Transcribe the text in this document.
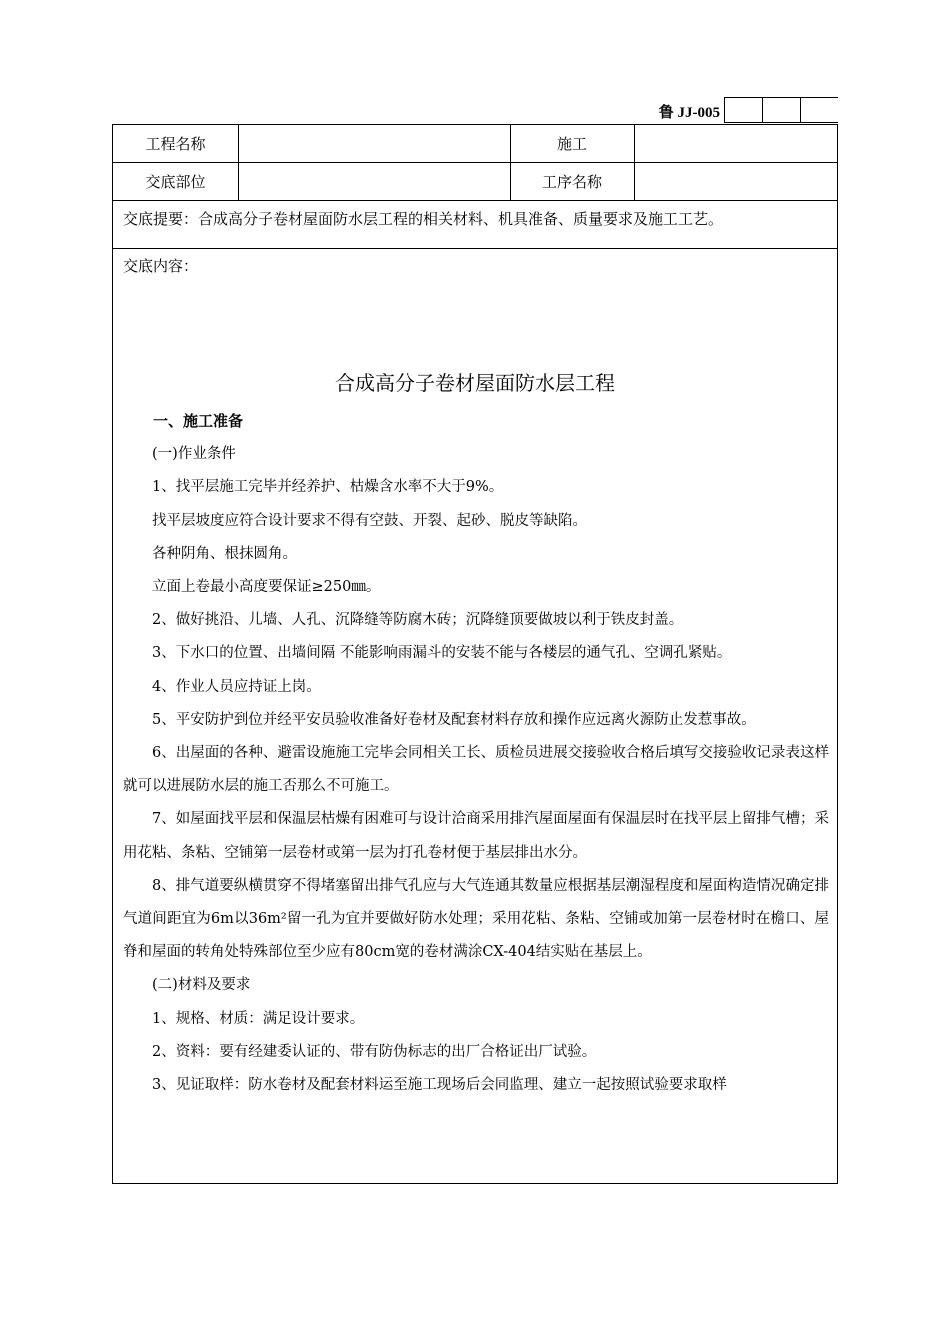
鲁 JJ-005
工程名称	施工
交底部位	工序名称
交底提要：合成高分子卷材屋面防水层工程的相关材料、机具准备、质量要求及施工工艺。
交底内容：
合成高分子卷材屋面防水层工程

一、施工准备

(一)作业条件

1、找平层施工完毕并经养护、枯燥含水率不大于9%。

找平层坡度应符合设计要求不得有空鼓、开裂、起砂、脱皮等缺陷。

各种阴角、根抹圆角。

立面上卷最小高度要保证≥250㎜。

2、做好挑沿、儿墙、人孔、沉降缝等防腐木砖；沉降缝顶要做坡以利于铁皮封盖。

3、下水口的位置、出墙间隔 不能影响雨漏斗的安装不能与各楼层的通气孔、空调孔紧贴。

4、作业人员应持证上岗。

5、平安防护到位并经平安员验收准备好卷材及配套材料存放和操作应远离火源防止发惹事故。

6、出屋面的各种、避雷设施施工完毕会同相关工长、质检员进展交接验收合格后填写交接验收记录表这样就可以进展防水层的施工否那么不可施工。

7、如屋面找平层和保温层枯燥有困难可与设计洽商采用排汽屋面屋面有保温层时在找平层上留排气槽；采用花粘、条粘、空铺第一层卷材或第一层为打孔卷材便于基层排出水分。

8、排气道要纵横贯穿不得堵塞留出排气孔应与大气连通其数量应根据基层潮湿程度和屋面构造情况确定排气道间距宜为6m以36m²留一孔为宜并要做好防水处理；采用花粘、条粘、空铺或加第一层卷材时在檐口、屋脊和屋面的转角处特殊部位至少应有80cm宽的卷材满涂CX-404结实贴在基层上。

(二)材料及要求

1、规格、材质：满足设计要求。

2、资料：要有经建委认证的、带有防伪标志的出厂合格证出厂试验。

3、见证取样：防水卷材及配套材料运至施工现场后会同监理、建立一起按照试验要求取样
